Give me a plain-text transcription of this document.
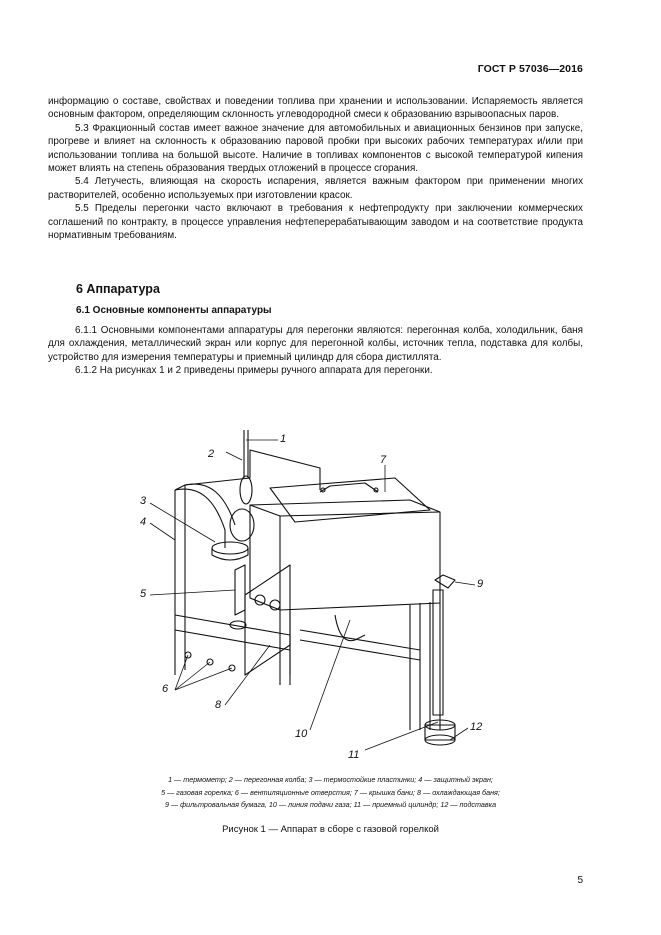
ГОСТ Р 57036—2016

информацию о составе, свойствах и поведении топлива при хранении и использовании. Испаряемость является основным фактором, определяющим склонность углеводородной смеси к образованию взрывоопасных паров.

5.3 Фракционный состав имеет важное значение для автомобильных и авиационных бензинов при запуске, прогреве и влияет на склонность к образованию паровой пробки при высоких рабочих температурах и/или при использовании топлива на большой высоте. Наличие в топливах компонентов с высокой температурой кипения может влиять на степень образования твердых отложений в процессе сгорания.

5.4 Летучесть, влияющая на скорость испарения, является важным фактором при применении многих растворителей, особенно используемых при изготовлении красок.

5.5 Пределы перегонки часто включают в требования к нефтепродукту при заключении коммерческих соглашений по контракту, в процессе управления нефтеперерабатывающим заводом и на соответствие продукта нормативным требованиям.

6 Аппаратура
6.1 Основные компоненты аппаратуры

6.1.1 Основными компонентами аппаратуры для перегонки являются: перегонная колба, холодильник, баня для охлаждения, металлический экран или корпус для перегонной колбы, источник тепла, подставка для колбы, устройство для измерения температуры и приемный цилиндр для сбора дистиллята.

6.1.2 На рисунках 1 и 2 приведены примеры ручного аппарата для перегонки.

1
2
3
4
5
6
7
8
9
10
11
12
1 — термометр; 2 — перегонная колба; 3 — термостойкие пластинки; 4 — защитный экран;
5 — газовая горелка; 6 — вентиляционные отверстия; 7 — крышка бани; 8 — охлаждающая баня;
9 — фильтровальная бумага, 10 — линия подачи газа; 11 — приемный цилиндр; 12 — подставка
Рисунок 1 — Аппарат в сборе с газовой горелкой
5
